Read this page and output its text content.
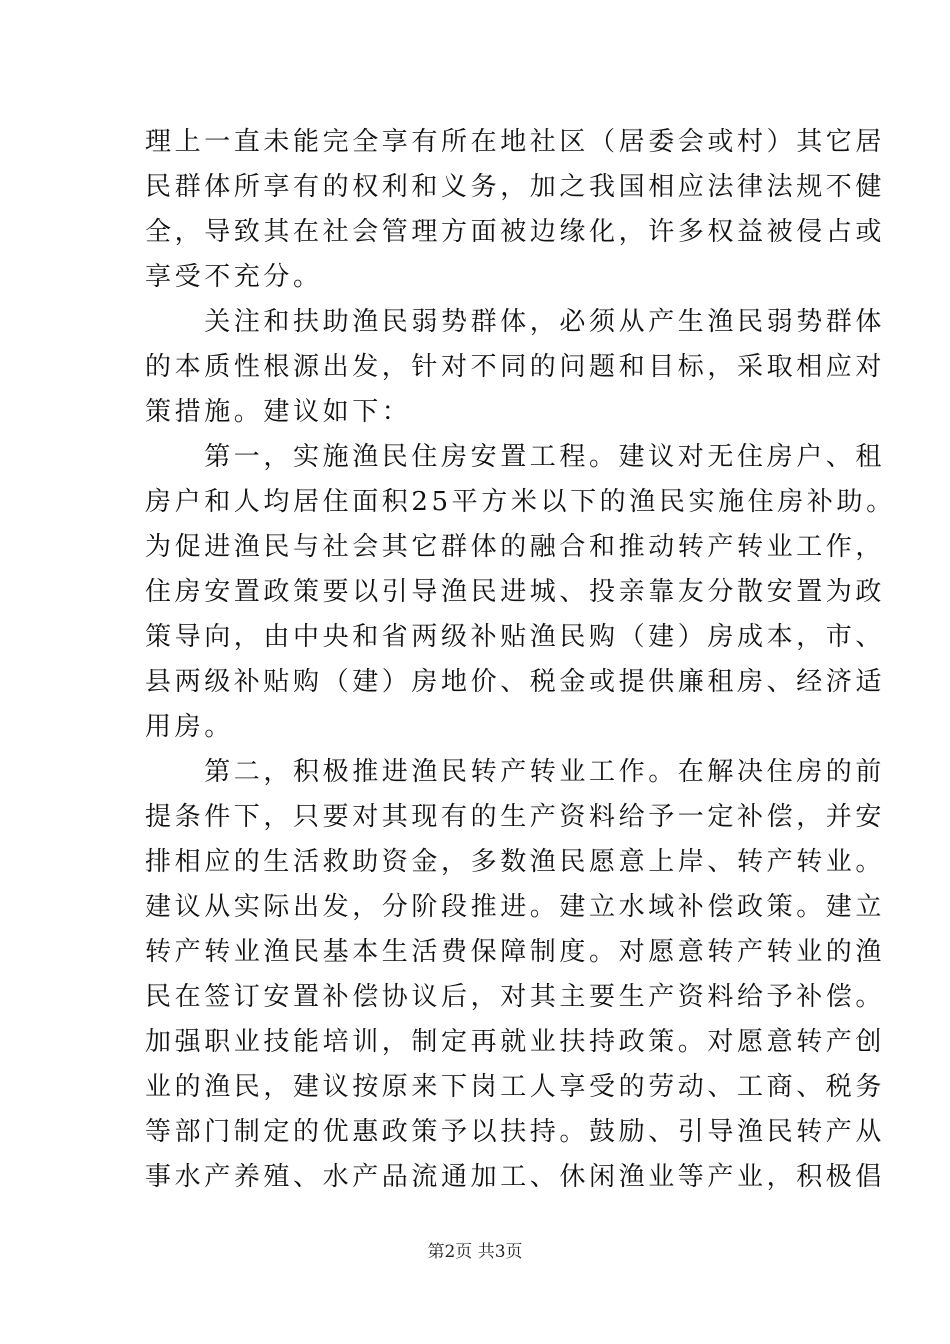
理上一直未能完全享有所在地社区（居委会或村）其它居
民群体所享有的权利和义务，加之我国相应法律法规不健
全，导致其在社会管理方面被边缘化，许多权益被侵占或
享受不充分。
　　关注和扶助渔民弱势群体，必须从产生渔民弱势群体
的本质性根源出发，针对不同的问题和目标，采取相应对
策措施。建议如下：
　　第一，实施渔民住房安置工程。建议对无住房户、租
房户和人均居住面积25平方米以下的渔民实施住房补助。
为促进渔民与社会其它群体的融合和推动转产转业工作，
住房安置政策要以引导渔民进城、投亲靠友分散安置为政
策导向，由中央和省两级补贴渔民购（建）房成本，市、
县两级补贴购（建）房地价、税金或提供廉租房、经济适
用房。
　　第二，积极推进渔民转产转业工作。在解决住房的前
提条件下，只要对其现有的生产资料给予一定补偿，并安
排相应的生活救助资金，多数渔民愿意上岸、转产转业。
建议从实际出发，分阶段推进。建立水域补偿政策。建立
转产转业渔民基本生活费保障制度。对愿意转产转业的渔
民在签订安置补偿协议后，对其主要生产资料给予补偿。
加强职业技能培训，制定再就业扶持政策。对愿意转产创
业的渔民，建议按原来下岗工人享受的劳动、工商、税务
等部门制定的优惠政策予以扶持。鼓励、引导渔民转产从
事水产养殖、水产品流通加工、休闲渔业等产业，积极倡
第2页 共3页
